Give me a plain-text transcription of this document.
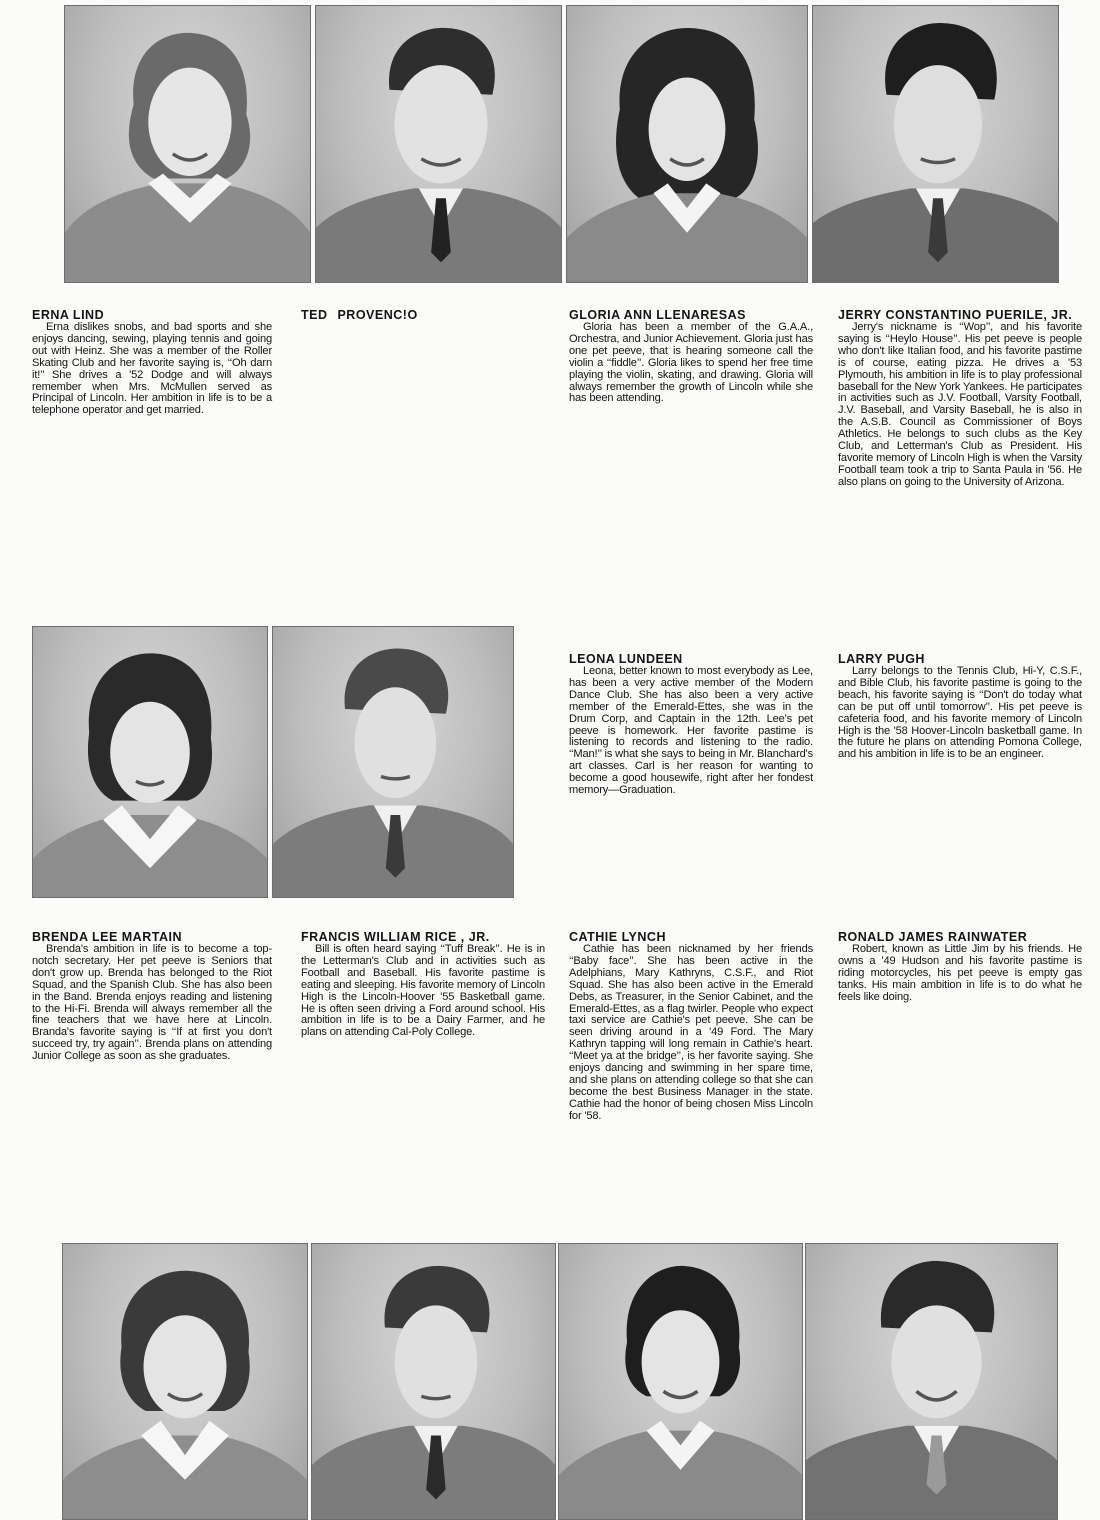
ERNA LIND

Erna dislikes snobs, and bad sports and she enjoys dancing, sewing, playing tennis and going out with Heinz. She was a member of the Roller Skating Club and her favorite saying is, ‘‘Oh darn it!’’ She drives a '52 Dodge and will always remember when Mrs. McMullen served as Principal of Lincoln. Her ambition in life is to be a telephone operator and get married.

TED PROVENC!O	GLORIA ANN LLENARESAS

Gloria has been a member of the G.A.A., Orchestra, and Junior Achievement. Gloria just has one pet peeve, that is hearing someone call the violin a ‘‘fiddle’’. Gloria likes to spend her free time playing the violin, skating, and drawing. Gloria will always remember the growth of Lincoln while she has been attending.

JERRY CONSTANTINO PUERILE, JR.

Jerry's nickname is ‘‘Wop’’, and his favorite saying is ‘‘Heylo House’’. His pet peeve is people who don't like Italian food, and his favorite pastime is of course, eating pizza. He drives a '53 Plymouth, his ambition in life is to play professional baseball for the New York Yankees. He participates in activities such as J.V. Football, Varsity Football, J.V. Baseball, and Varsity Baseball, he is also in the A.S.B. Council as Commissioner of Boys Athletics. He belongs to such clubs as the Key Club, and Letterman's Club as President. His favorite memory of Lincoln High is when the Varsity Football team took a trip to Santa Paula in '56. He also plans on going to the University of Arizona.

LEONA LUNDEEN

Leona, better known to most everybody as Lee, has been a very active member of the Modern Dance Club. She has also been a very active member of the Emerald-Ettes, she was in the Drum Corp, and Captain in the 12th. Lee's pet peeve is homework. Her favorite pastime is listening to records and listening to the radio. ‘‘Man!’’ is what she says to being in Mr. Blanchard's art classes. Carl is her reason for wanting to become a good housewife, right after her fondest memory—Graduation.

LARRY PUGH

Larry belongs to the Tennis Club, Hi-Y, C.S.F., and Bible Club, his favorite pastime is going to the beach, his favorite saying is ‘‘Don't do today what can be put off until tomorrow’’. His pet peeve is cafeteria food, and his favorite memory of Lincoln High is the '58 Hoover-Lincoln basketball game. In the future he plans on attending Pomona College, and his ambition in life is to be an engineer.

BRENDA LEE MARTAIN

Brenda's ambition in life is to become a top-notch secretary. Her pet peeve is Seniors that don't grow up. Brenda has belonged to the Riot Squad, and the Spanish Club. She has also been in the Band. Brenda enjoys reading and listening to the Hi-Fi. Brenda will always remember all the fine teachers that we have here at Lincoln. Branda's favorite saying is ‘‘If at first you don't succeed try, try again’’. Brenda plans on attending Junior College as soon as she graduates.

FRANCIS WILLIAM RICE , JR.

Bill is often heard saying ‘‘Tuff Break’’. He is in the Letterman's Club and in activities such as Football and Baseball. His favorite pastime is eating and sleeping. His favorite memory of Lincoln High is the Lincoln-Hoover '55 Basketball game. He is often seen driving a Ford around school. His ambition in life is to be a Dairy Farmer, and he plans on attending Cal-Poly College.

CATHIE LYNCH

Cathie has been nicknamed by her friends ‘‘Baby face’’. She has been active in the Adelphians, Mary Kathryns, C.S.F., and Riot Squad. She has also been active in the Emerald Debs, as Treasurer, in the Senior Cabinet, and the Emerald-Ettes, as a flag twirler. People who expect taxi service are Cathie's pet peeve. She can be seen driving around in a '49 Ford. The Mary Kathryn tapping will long remain in Cathie's heart. ‘‘Meet ya at the bridge’’, is her favorite saying. She enjoys dancing and swimming in her spare time, and she plans on attending college so that she can become the best Business Manager in the state. Cathie had the honor of being chosen Miss Lincoln for '58.

RONALD JAMES RAINWATER

Robert, known as Little Jim by his friends. He owns a '49 Hudson and his favorite pastime is riding motorcycles, his pet peeve is empty gas tanks. His main ambition in life is to do what he feels like doing.
